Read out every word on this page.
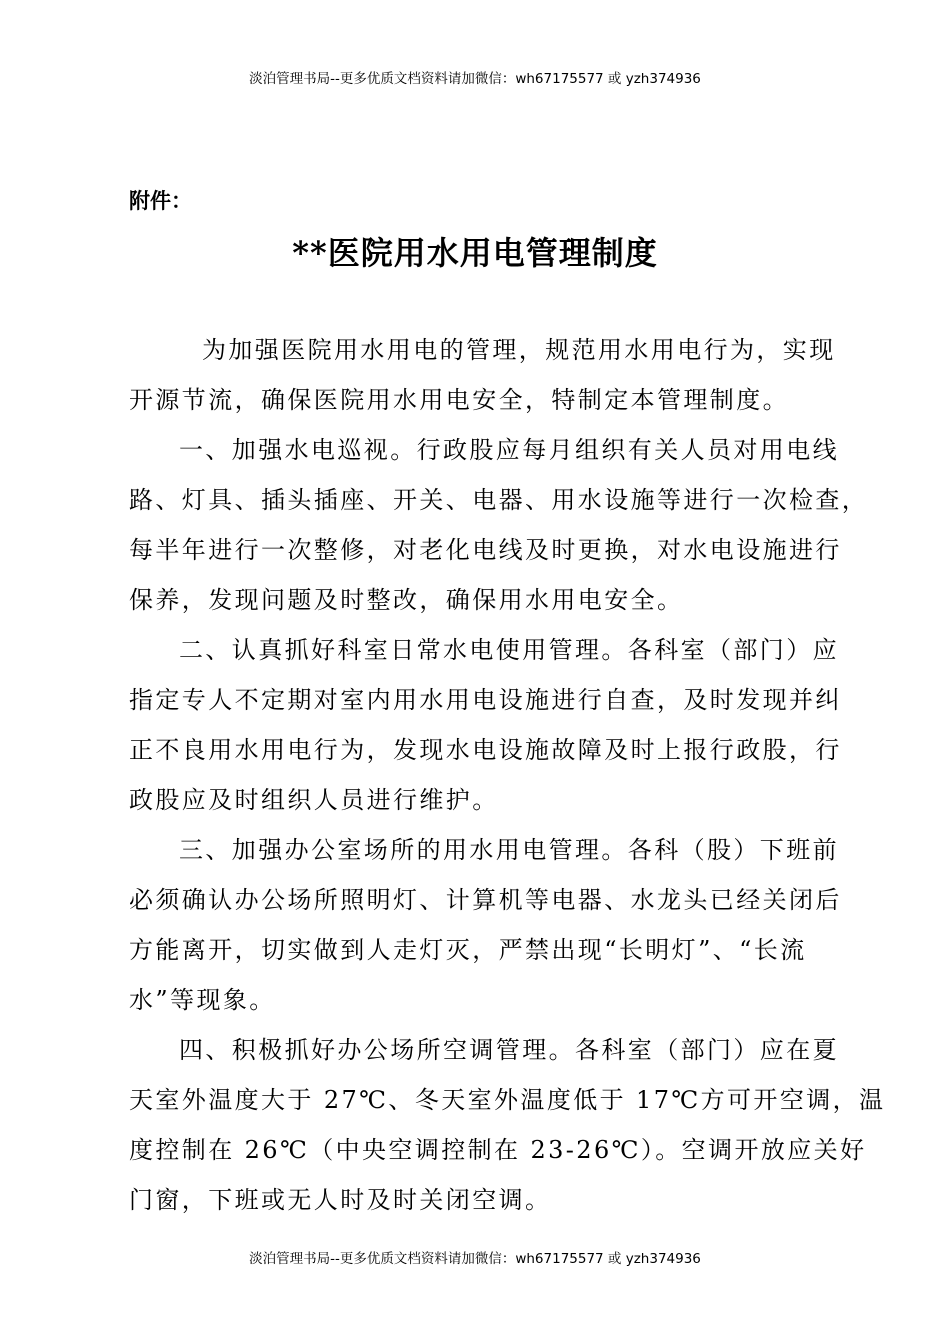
淡泊管理书局--更多优质文档资料请加微信：wh67175577 或 yzh374936
附件：
**医院用水用电管理制度
为加强医院用水用电的管理，规范用水用电行为，实现
开源节流，确保医院用水用电安全，特制定本管理制度。
一、加强水电巡视。行政股应每月组织有关人员对用电线
路、灯具、插头插座、开关、电器、用水设施等进行一次检查，
每半年进行一次整修，对老化电线及时更换，对水电设施进行
保养，发现问题及时整改，确保用水用电安全。
二、认真抓好科室日常水电使用管理。各科室（部门）应
指定专人不定期对室内用水用电设施进行自查，及时发现并纠
正不良用水用电行为，发现水电设施故障及时上报行政股，行
政股应及时组织人员进行维护。
三、加强办公室场所的用水用电管理。各科（股）下班前
必须确认办公场所照明灯、计算机等电器、水龙头已经关闭后
方能离开，切实做到人走灯灭，严禁出现“长明灯”、“长流
水”等现象。
四、积极抓好办公场所空调管理。各科室（部门）应在夏
天室外温度大于 27℃、冬天室外温度低于 17℃方可开空调，温
度控制在 26℃（中央空调控制在 23-26℃）。空调开放应关好
门窗，下班或无人时及时关闭空调。
淡泊管理书局--更多优质文档资料请加微信：wh67175577 或 yzh374936
